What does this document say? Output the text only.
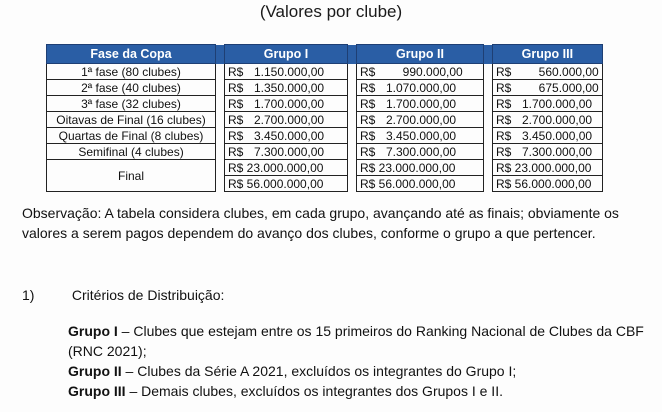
(Valores por clube)
Fase da Copa		Grupo I		Grupo II		Grupo III
1ª fase (80 clubes)		R$ 1.150.000,00		R$ 990.000,00		R$ 560.000,00
2ª fase (40 clubes)		R$ 1.350.000,00		R$ 1.070.000,00		R$ 675.000,00
3ª fase (32 clubes)		R$ 1.700.000,00		R$ 1.700.000,00		R$ 1.700.000,00
Oitavas de Final (16 clubes)		R$ 2.700.000,00		R$ 2.700.000,00		R$ 2.700.000,00
Quartas de Final (8 clubes)		R$ 3.450.000,00		R$ 3.450.000,00		R$ 3.450.000,00
Semifinal (4 clubes)		R$ 7.300.000,00		R$ 7.300.000,00		R$ 7.300.000,00
Final		R$ 23.000.000,00		R$ 23.000.000,00		R$ 23.000.000,00
		R$ 56.000.000,00		R$ 56.000.000,00		R$ 56.000.000,00
Observação: A tabela considera clubes, em cada grupo, avançando até as finais; obviamente os valores a serem pagos dependem do avanço dos clubes, conforme o grupo a que pertencer.
1)	Critérios de Distribuição:
Grupo I – Clubes que estejam entre os 15 primeiros do Ranking Nacional de Clubes da CBF (RNC 2021);
Grupo II – Clubes da Série A 2021, excluídos os integrantes do Grupo I;
Grupo III – Demais clubes, excluídos os integrantes dos Grupos I e II.
